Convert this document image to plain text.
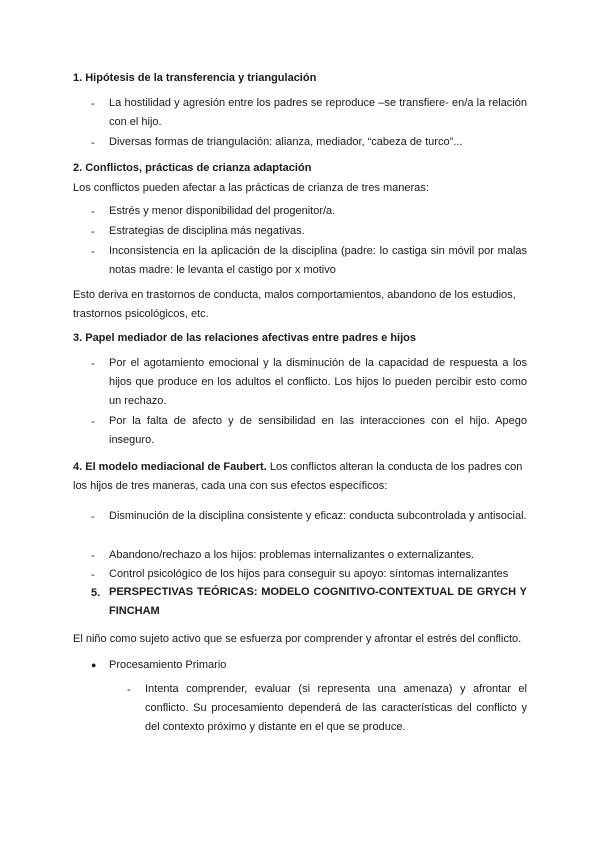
1. Hipótesis de la transferencia y triangulación
- La hostilidad y agresión entre los padres se reproduce –se transfiere- en/a la relación con el hijo.
- Diversas formas de triangulación: alianza, mediador, “cabeza de turco”...
2. Conflictos, prácticas de crianza adaptación
Los conflictos pueden afectar a las prácticas de crianza de tres maneras:
- Estrés y menor disponibilidad del progenitor/a.
- Estrategias de disciplina más negativas.
- Inconsistencia en la aplicación de la disciplina (padre: lo castiga sin móvil por malas notas madre: le levanta el castigo por x motivo
Esto deriva en trastornos de conducta, malos comportamientos, abandono de los estudios, trastornos psicológicos, etc.
3. Papel mediador de las relaciones afectivas entre padres e hijos
- Por el agotamiento emocional y la disminución de la capacidad de respuesta a los hijos que produce en los adultos el conflicto. Los hijos lo pueden percibir esto como un rechazo.
- Por la falta de afecto y de sensibilidad en las interacciones con el hijo. Apego inseguro.
4. El modelo mediacional de Faubert. Los conflictos alteran la conducta de los padres con los hijos de tres maneras, cada una con sus efectos específicos:
- Disminución de la disciplina consistente y eficaz: conducta subcontrolada y antisocial.
- Abandono/rechazo a los hijos: problemas internalizantes o externalizantes.
- Control psicológico de los hijos para conseguir su apoyo: síntomas internalizantes
5. PERSPECTIVAS TEÓRICAS: MODELO COGNITIVO-CONTEXTUAL DE GRYCH Y FINCHAM
El niño como sujeto activo que se esfuerza por comprender y afrontar el estrés del conflicto.
● Procesamiento Primario
- Intenta comprender, evaluar (si representa una amenaza) y afrontar el conflicto. Su procesamiento dependerá de las características del conflicto y del contexto próximo y distante en el que se produce.
